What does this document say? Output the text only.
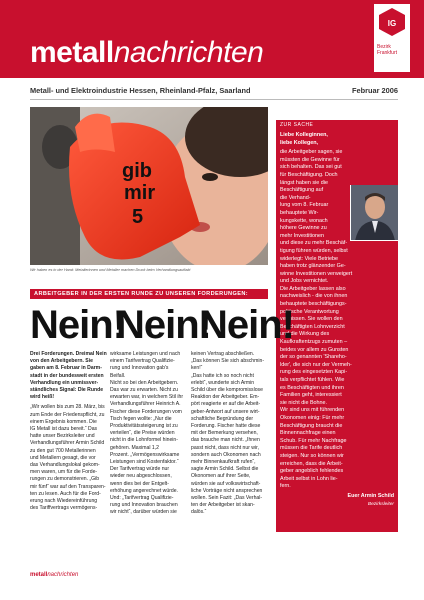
metallnachrichten
IG
Bezirk
Frankfurt
Metall- und Elektroindustrie Hessen, Rheinland-Pfalz, Saarland	Februar 2006
gib
mir
5
Wir haben es in der Hand: Metallerinnen und Metaller machen Druck beim Verhandlungsauftakt
ZUR SACHE
Liebe Kolleginnen,
liebe Kollegen,
die Arbeitgeber sagen, sie
müssten die Gewinne für
sich behalten. Das sei gut
für Beschäftigung. Doch
längst haben sie die
Beschäftigung auf
die Verhand-
lung vom 8. Februar
behauptete Wir-
kungskette, wonach
höhere Gewinne zu
mehr Investitionen
und diese zu mehr Beschäf-
tigung führen würden, selbst
widerlegt: Viele Betriebe
haben trotz glänzender Ge-
winne Investitionen verweigert
und Jobs vernichtet.
Die Arbeitgeber lassen also
nachweislich - die von ihnen
behauptete beschäftigungs-
politische Verantwortung
vermissen. Sie wollen den
Beschäftigten Lohnverzicht
und die Wirkung des
Kaufkraftentzugs zumuten –
beides vor allem zu Gunsten
der so genannten 'Shareho-
lder', die sich nur der Vermeh-
rung des eingesetzten Kapi-
tals verpflichtet fühlen. Wie
es Beschäftigten und ihren
Familien geht, interessiert
sie nicht die Bohne.
Wir sind uns mit führenden
Ökonomen einig: Für mehr
Beschäftigung braucht die
Binnennachfrage einen
Schub. Für mehr Nachfrage
müssen die Tarife deutlich
steigen. Nur so können wir
erreichen, dass die Arbeit-
geber angeblich fehlendes
Arbeit selbst in Lohn lie-
fern.
Euer Armin Schild
Bezirksleiter
ARBEITGEBER IN DER ERSTEN RUNDE ZU UNSEREN FORDERUNGEN:
Nein!
Nein!
Nein!
Drei Forderungen. Dreimal Nein
von den Arbeitgebern. Sie
gaben am 8. Februar in Darm-
stadt in der bundesweit ersten
Verhandlung ein unmissver-
ständliches Signal: Die Runde
wird heiß!
„Wir wollen bis zum 28. März, bis
zum Ende der Friedenspflicht, zu
einem Ergebnis kommen. Die
IG Metall ist dazu bereit.“ Das
hatte unser Bezirksleiter und
Verhandlungsführer Armin Schild
zu den gut 700 Metallerinnen
und Metallern gesagt, die vor
das Verhandlungslokal gekom-
men waren, um für die Forde-
rungen zu demonstrieren. „Gib
mir fünf“ war auf den Transparen-
ten zu lesen. Auch für die Ford-
erung nach Wiedereinführung
des Tariffvertrags vermögens-
wirksame Leistungen und nach
einem Tarifvertrag Qualifizie-
rung und Innovation gab's
Beifall.
Nicht so bei den Arbeitgebern.
Das war zu erwarten. Nicht zu
erwarten war, in welchem Stil ihr
Verhandlungsführer Heinrich A.
Fischer diese Forderungen vom
Tisch fegen wollte: „Nur die
Produktivitätssteigerung ist zu
verteilen“, die Preise würden
nicht in die Lohnformel hinein-
gehören. Maximal 1,2
Prozent. „Vermögenswirksame
Leistungen sind Kostenfaktor.“
Der Tarifvertrag würde nur
wieder neu abgeschlossen,
wenn dies bei der Entgelt-
erhöhung angerechnet würde.
Und: „Tarifvertrag Qualifizie-
rung und Innovation brauchen
wir nicht“, darüber würden sie
keinen Vertrag abschließen.
„Das können Sie sich abschmin-
ken!“
„Das hatte ich so noch nicht
erlebt“, wunderte sich Armin
Schild über die kompromisslose
Reaktion der Arbeitgeber. Em-
pört reagierte er auf die Arbeit-
geber-Antwort auf unsere wirt-
schaftliche Begründung der
Forderung. Fischer hatte diese
mit der Bemerkung versehen,
das brauche man nicht. „Ihnen
passt nicht, dass nicht nur wir,
sondern auch Ökonomen nach
mehr Binnenkaufkraft rufen“,
sagte Armin Schild. Selbst die
Ökonomen auf ihrer Seite,
würden sie auf volkswirtschaft-
liche Vorträge nicht ansprechen
wollen. Sein Fazit: „Das Verhal-
ten der Arbeitgeber ist skan-
dalös.“
metallnachrichten
